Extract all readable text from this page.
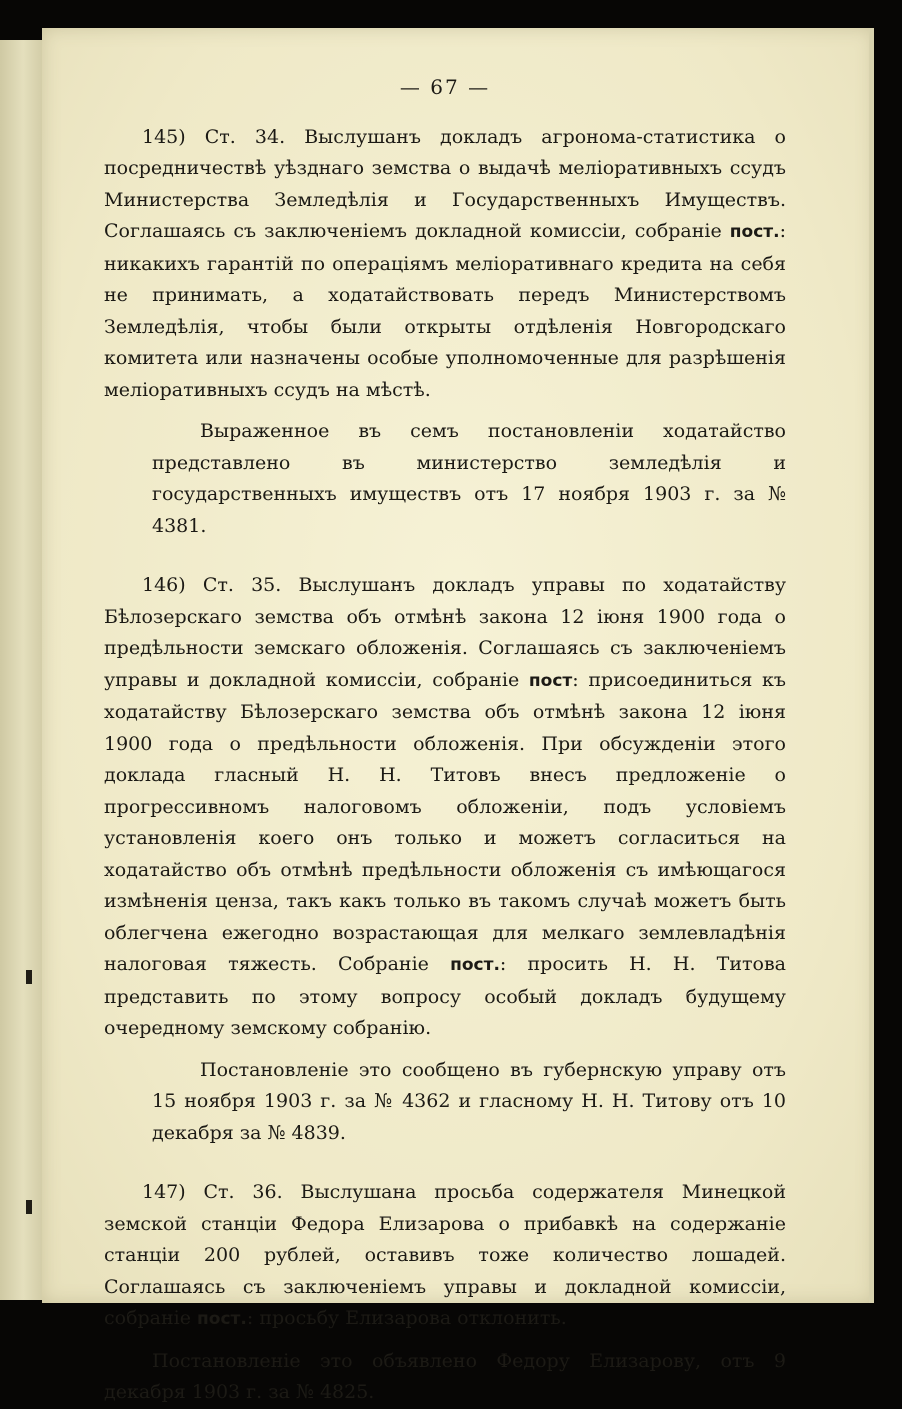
— 67 —

145) Ст. 34. Выслушанъ докладъ агронома-статистика о посредничествѣ уѣзднаго земства о выдачѣ меліоративныхъ ссудъ Министерства Земледѣлія и Государственныхъ Имуществъ. Соглашаясь съ заключеніемъ докладной комиссіи, собраніе пост.: никакихъ гарантій по операціямъ меліоративнаго кредита на себя не принимать, а ходатайствовать передъ Министерствомъ Земледѣлія, чтобы были открыты отдѣленія Новгородскаго комитета или назначены особые уполномоченные для разрѣшенія меліоративныхъ ссудъ на мѣстѣ.

Выраженное въ семъ постановленіи ходатайство представлено въ министерство земледѣлія и государственныхъ имуществъ отъ 17 ноября 1903 г. за № 4381.

146) Ст. 35. Выслушанъ докладъ управы по ходатайству Бѣлозерскаго земства объ отмѣнѣ закона 12 іюня 1900 года о предѣльности земскаго обложенія. Соглашаясь съ заключеніемъ управы и докладной комиссіи, собраніе пост: присоединиться къ ходатайству Бѣлозерскаго земства объ отмѣнѣ закона 12 іюня 1900 года о предѣльности обложенія. При обсужденіи этого доклада гласный Н. Н. Титовъ внесъ предложеніе о прогрессивномъ налоговомъ обложеніи, подъ условіемъ установленія коего онъ только и можетъ согласиться на ходатайство объ отмѣнѣ предѣльности обложенія съ имѣющагося измѣненія ценза, такъ какъ только въ такомъ случаѣ можетъ быть облегчена ежегодно возрастающая для мелкаго землевладѣнія налоговая тяжесть. Собраніе пост.: просить Н. Н. Титова представить по этому вопросу особый докладъ будущему очередному земскому собранію.

Постановленіе это сообщено въ губернскую управу отъ 15 ноября 1903 г. за № 4362 и гласному Н. Н. Титову отъ 10 декабря за № 4839.

147) Ст. 36. Выслушана просьба содержателя Минецкой земской станціи Федора Елизарова о прибавкѣ на содержаніе станціи 200 рублей, оставивъ тоже количество лошадей. Соглашаясь съ заключеніемъ управы и докладной комиссіи, собраніе пост.: просьбу Елизарова отклонить.

Постановленіе это объявлено Федору Елизарову, отъ 9 декабря 1903 г. за № 4825.
